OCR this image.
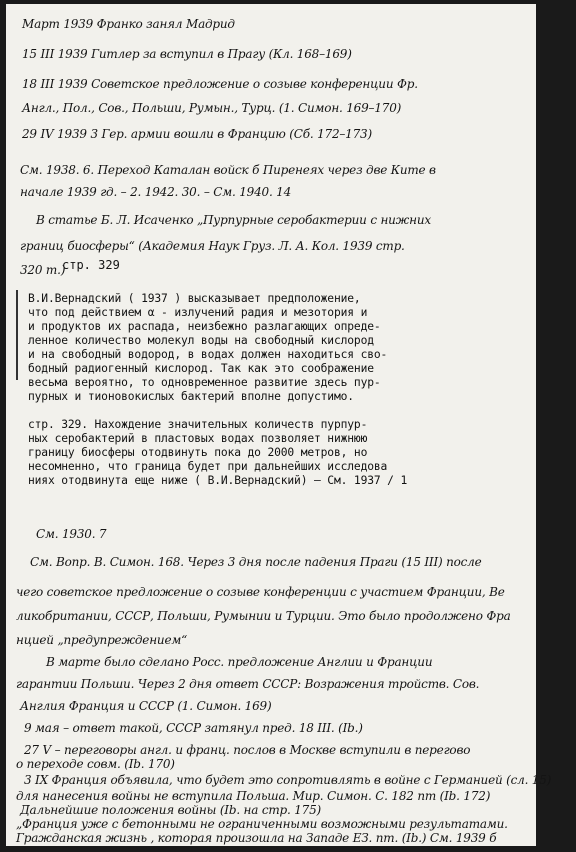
Март 1939 Франко занял Мадрид
15 III 1939 Гитлер за вступил в Прагу (Кл. 168–169)
18 III 1939 Советское предложение о созыве конференции Фр.
Англ., Пол., Сов., Польши, Румын., Турц. (1. Симон. 169–170)
29 IV 1939 3 Гер. армии вошли в Францию (Сб. 172–173)
См. 1938. 6. Переход Каталан войск б Пиренеях через две Ките в
начале 1939 гд. – 2. 1942. 30. – См. 1940. 14
В статье Б. Л. Исаченко „Пурпурные серобактерии с нижних
границ биосферы“ (Академия Наук Груз. Л. А. Кол. 1939 стр.
320 т.)
стр. 329
В.И.Вернадский ( 1937 ) высказывает предположение,
что под действием α - излучений радия и мезотория и
и продуктов их распада, неизбежно разлагающих опреде-
ленное количество молекул воды на свободный кислород
и на свободный водород, в водах должен находиться сво-
бодный радиогенный кислород. Так как это соображение
весьма вероятно, то одновременное развитие здесь пур-
пурных и тионовокислых бактерий вполне допустимо.
стр. 329. Нахождение значительных количеств пурпур-
ных серобактерий в пластовых водах позволяет нижнюю
границу биосферы отодвинуть пока до 2000 метров, но
несомненно, что граница будет при дальнейших исследова
ниях отодвинута еще ниже ( В.И.Вернадский) – См. 1937 / 1
См. 1930. 7
См. Вопр. В. Симон. 168. Через 3 дня после падения Праги (15 III) после
чего советское предложение о созыве конференции с участием Франции, Ве
ликобритании, СССР, Польши, Румынии и Турции. Это было продолжено Фра
нцией „предупреждением“
В марте было сделано Росс. предложение Англии и Франции
гарантии Польши. Через 2 дня ответ СССР: Возражения тройств. Сов.
Англия Франция и СССР (1. Симон. 169)
9 мая – ответ такой, СССР затянул пред. 18 III. (Ib.)
27 V – переговоры англ. и франц. послов в Москве вступили в перегово
о переходе совм. (Ib. 170)
3 IX Франция объявила, что будет это сопротивлять в войне с Германией (сл. 15)
для нанесения войны не вступила Польша. Мир. Симон. С. 182 пт (Ib. 172)
Дальнейшие положения войны (Ib. на стр. 175)
„Франция уже с бетонными не ограниченными возможными результатами.
Гражданская жизнь , которая произошла на Западе ЕЗ. пт. (Ib.) См. 1939 б
